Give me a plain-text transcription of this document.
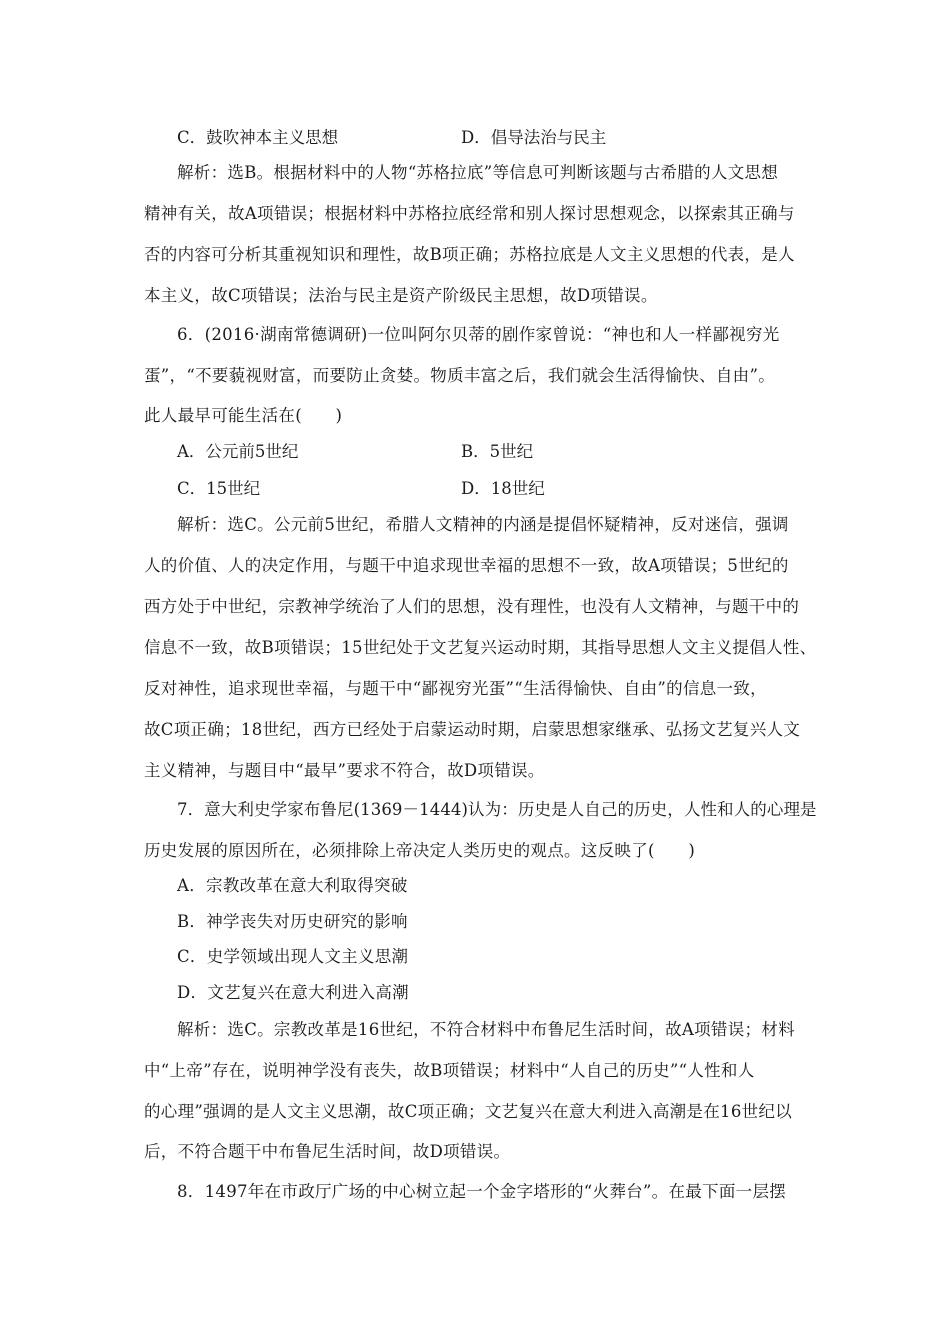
C．鼓吹神本主义思想	D．倡导法治与民主
解析：选B。根据材料中的人物“苏格拉底”等信息可判断该题与古希腊的人文思想
精神有关，故A项错误；根据材料中苏格拉底经常和别人探讨思想观念，以探索其正确与
否的内容可分析其重视知识和理性，故B项正确；苏格拉底是人文主义思想的代表，是人
本主义，故C项错误；法治与民主是资产阶级民主思想，故D项错误。
6．(2016·湖南常德调研)一位叫阿尔贝蒂的剧作家曾说：“神也和人一样鄙视穷光
蛋”，“不要藐视财富，而要防止贪婪。物质丰富之后，我们就会生活得愉快、自由”。
此人最早可能生活在(　　)
A．公元前5世纪	B．5世纪
C．15世纪	D．18世纪
解析：选C。公元前5世纪，希腊人文精神的内涵是提倡怀疑精神，反对迷信，强调
人的价值、人的决定作用，与题干中追求现世幸福的思想不一致，故A项错误；5世纪的
西方处于中世纪，宗教神学统治了人们的思想，没有理性，也没有人文精神，与题干中的
信息不一致，故B项错误；15世纪处于文艺复兴运动时期，其指导思想人文主义提倡人性、
反对神性，追求现世幸福，与题干中“鄙视穷光蛋”“生活得愉快、自由”的信息一致，
故C项正确；18世纪，西方已经处于启蒙运动时期，启蒙思想家继承、弘扬文艺复兴人文
主义精神，与题目中“最早”要求不符合，故D项错误。
7．意大利史学家布鲁尼(1369－1444)认为：历史是人自己的历史，人性和人的心理是
历史发展的原因所在，必须排除上帝决定人类历史的观点。这反映了(　　)
A．宗教改革在意大利取得突破
B．神学丧失对历史研究的影响
C．史学领域出现人文主义思潮
D．文艺复兴在意大利进入高潮
解析：选C。宗教改革是16世纪，不符合材料中布鲁尼生活时间，故A项错误；材料
中“上帝”存在，说明神学没有丧失，故B项错误；材料中“人自己的历史”“人性和人
的心理”强调的是人文主义思潮，故C项正确；文艺复兴在意大利进入高潮是在16世纪以
后，不符合题干中布鲁尼生活时间，故D项错误。
8．1497年在市政厅广场的中心树立起一个金字塔形的“火葬台”。在最下面一层摆
